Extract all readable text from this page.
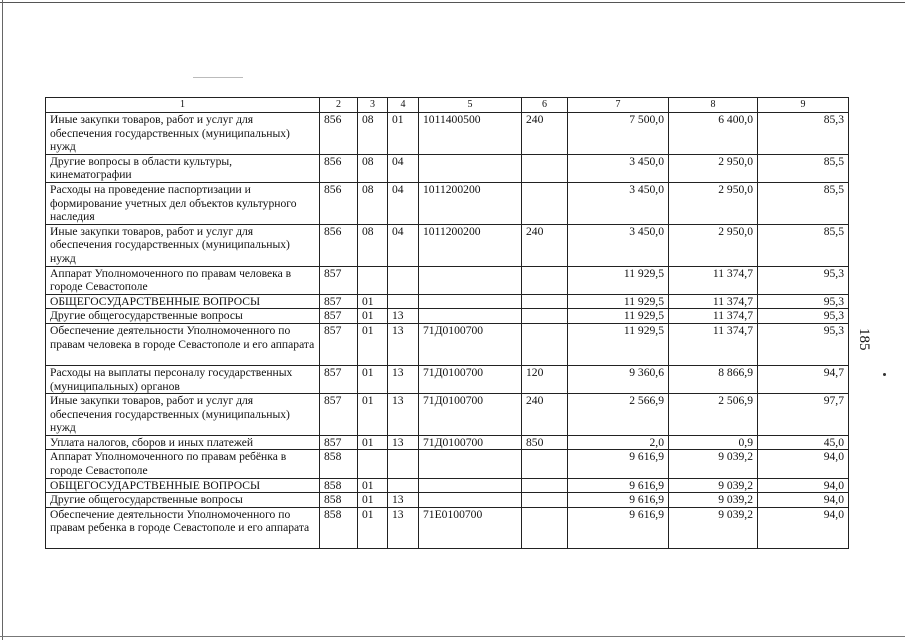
1	2	3	4	5	6	7	8	9
Иные закупки товаров, работ и услуг для обеспечения государственных (муниципальных) нужд	856	08	01	1011400500	240	7 500,0	6 400,0	85,3
Другие вопросы в области культуры, кинематографии	856	08	04			3 450,0	2 950,0	85,5
Расходы на проведение паспортизации и формирование учетных дел объектов культурного наследия	856	08	04	1011200200		3 450,0	2 950,0	85,5
Иные закупки товаров, работ и услуг для обеспечения государственных (муниципальных) нужд	856	08	04	1011200200	240	3 450,0	2 950,0	85,5
Аппарат Уполномоченного по правам человека в городе Севастополе	857					11 929,5	11 374,7	95,3
ОБЩЕГОСУДАРСТВЕННЫЕ ВОПРОСЫ	857	01				11 929,5	11 374,7	95,3
Другие общегосударственные вопросы	857	01	13			11 929,5	11 374,7	95,3
Обеспечение деятельности Уполномоченного по правам человека в городе Севастополе и его аппарата	857	01	13	71Д0100700		11 929,5	11 374,7	95,3
Расходы на выплаты персоналу государственных (муниципальных) органов	857	01	13	71Д0100700	120	9 360,6	8 866,9	94,7
Иные закупки товаров, работ и услуг для обеспечения государственных (муниципальных) нужд	857	01	13	71Д0100700	240	2 566,9	2 506,9	97,7
Уплата налогов, сборов и иных платежей	857	01	13	71Д0100700	850	2,0	0,9	45,0
Аппарат Уполномоченного по правам ребёнка в городе Севастополе	858					9 616,9	9 039,2	94,0
ОБЩЕГОСУДАРСТВЕННЫЕ ВОПРОСЫ	858	01				9 616,9	9 039,2	94,0
Другие общегосударственные вопросы	858	01	13			9 616,9	9 039,2	94,0
Обеспечение деятельности Уполномоченного по правам ребенка в городе Севастополе и его аппарата	858	01	13	71Е0100700		9 616,9	9 039,2	94,0
185
